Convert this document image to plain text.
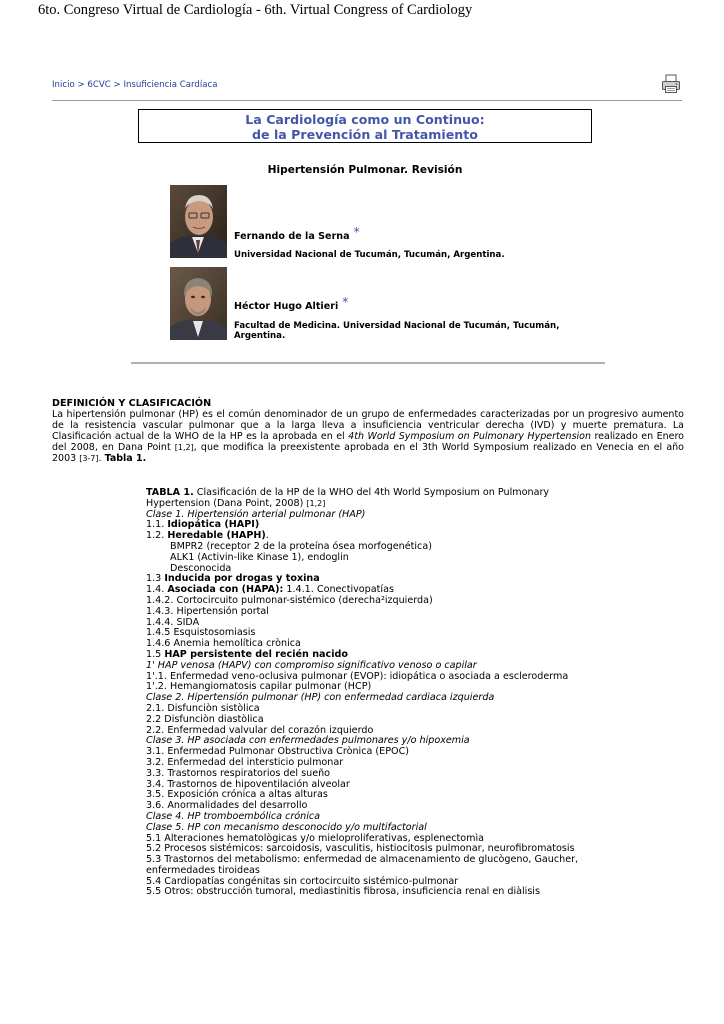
6to. Congreso Virtual de Cardiología - 6th. Virtual Congress of Cardiology
Inicio > 6CVC > Insuficiencia Cardíaca
La Cardiología como un Continuo:
de la Prevención al Tratamiento
Hipertensión Pulmonar. Revisión
Fernando de la Serna *
Universidad Nacional de Tucumán, Tucumán, Argentina.
Héctor Hugo Altieri *
Facultad de Medicina. Universidad Nacional de Tucumán, Tucumán, Argentina.
DEFINICIÓN Y CLASIFICACIÓN
La hipertensión pulmonar (HP) es el común denominador de un grupo de enfermedades caracterizadas por un progresivo aumento de la resistencia vascular pulmonar que a la larga lleva a insuficiencia ventricular derecha (IVD) y muerte prematura. La Clasificación actual de la WHO de la HP es la aprobada en el 4th World Symposium on Pulmonary Hypertension realizado en Enero del 2008, en Dana Point [1,2], que modifica la preexistente aprobada en el 3th World Symposium realizado en Venecia en el año 2003 [3-7]. Tabla 1.
TABLA 1. Clasificación de la HP de la WHO del 4th World Symposium on Pulmonary Hypertension (Dana Point, 2008) [1,2]
Clase 1. Hipertensión arterial pulmonar (HAP)
1.1. Idiopática (HAPI)
1.2. Heredable (HAPH).
BMPR2 (receptor 2 de la proteína ósea morfogenética)
ALK1 (Activin-like Kinase 1), endoglin
Desconocida
1.3 Inducida por drogas y toxina
1.4. Asociada con (HAPA): 1.4.1. Conectivopatías
1.4.2. Cortocircuito pulmonar-sistémico (derecha²izquierda)
1.4.3. Hipertensión portal
1.4.4. SIDA
1.4.5 Esquistosomiasis
1.4.6 Anemia hemolítica crònica
1.5 HAP persistente del recién nacido
1' HAP venosa (HAPV) con compromiso significativo venoso o capilar
1'.1. Enfermedad veno-oclusiva pulmonar (EVOP): idiopática o asociada a escleroderma
1'.2. Hemangiomatosis capilar pulmonar (HCP)
Clase 2. Hipertensión pulmonar (HP) con enfermedad cardiaca izquierda
2.1. Disfunciòn sistòlica
2.2 Disfunciòn diastòlica
2.2. Enfermedad valvular del corazón izquierdo
Clase 3. HP asociada con enfermedades pulmonares y/o hipoxemia
3.1. Enfermedad Pulmonar Obstructiva Crònica (EPOC)
3.2. Enfermedad del intersticio pulmonar
3.3. Trastornos respiratorios del sueño
3.4. Trastornos de hipoventilación alveolar
3.5. Exposición crónica a altas alturas
3.6. Anormalidades del desarrollo
Clase 4. HP tromboembólica crónica
Clase 5. HP con mecanismo desconocido y/o multifactorial
5.1 Alteraciones hematològicas y/o mieloproliferativas, esplenectomìa
5.2 Procesos sistémicos: sarcoidosis, vasculitis, histiocitosis pulmonar, neurofibromatosis
5.3 Trastornos del metabolismo: enfermedad de almacenamiento de glucògeno, Gaucher, enfermedades tiroideas
5.4 Cardiopatías congénitas sin cortocircuito sistémico-pulmonar
5.5 Otros: obstrucción tumoral, mediastinitis fibrosa, insuficiencia renal en diàlisis
